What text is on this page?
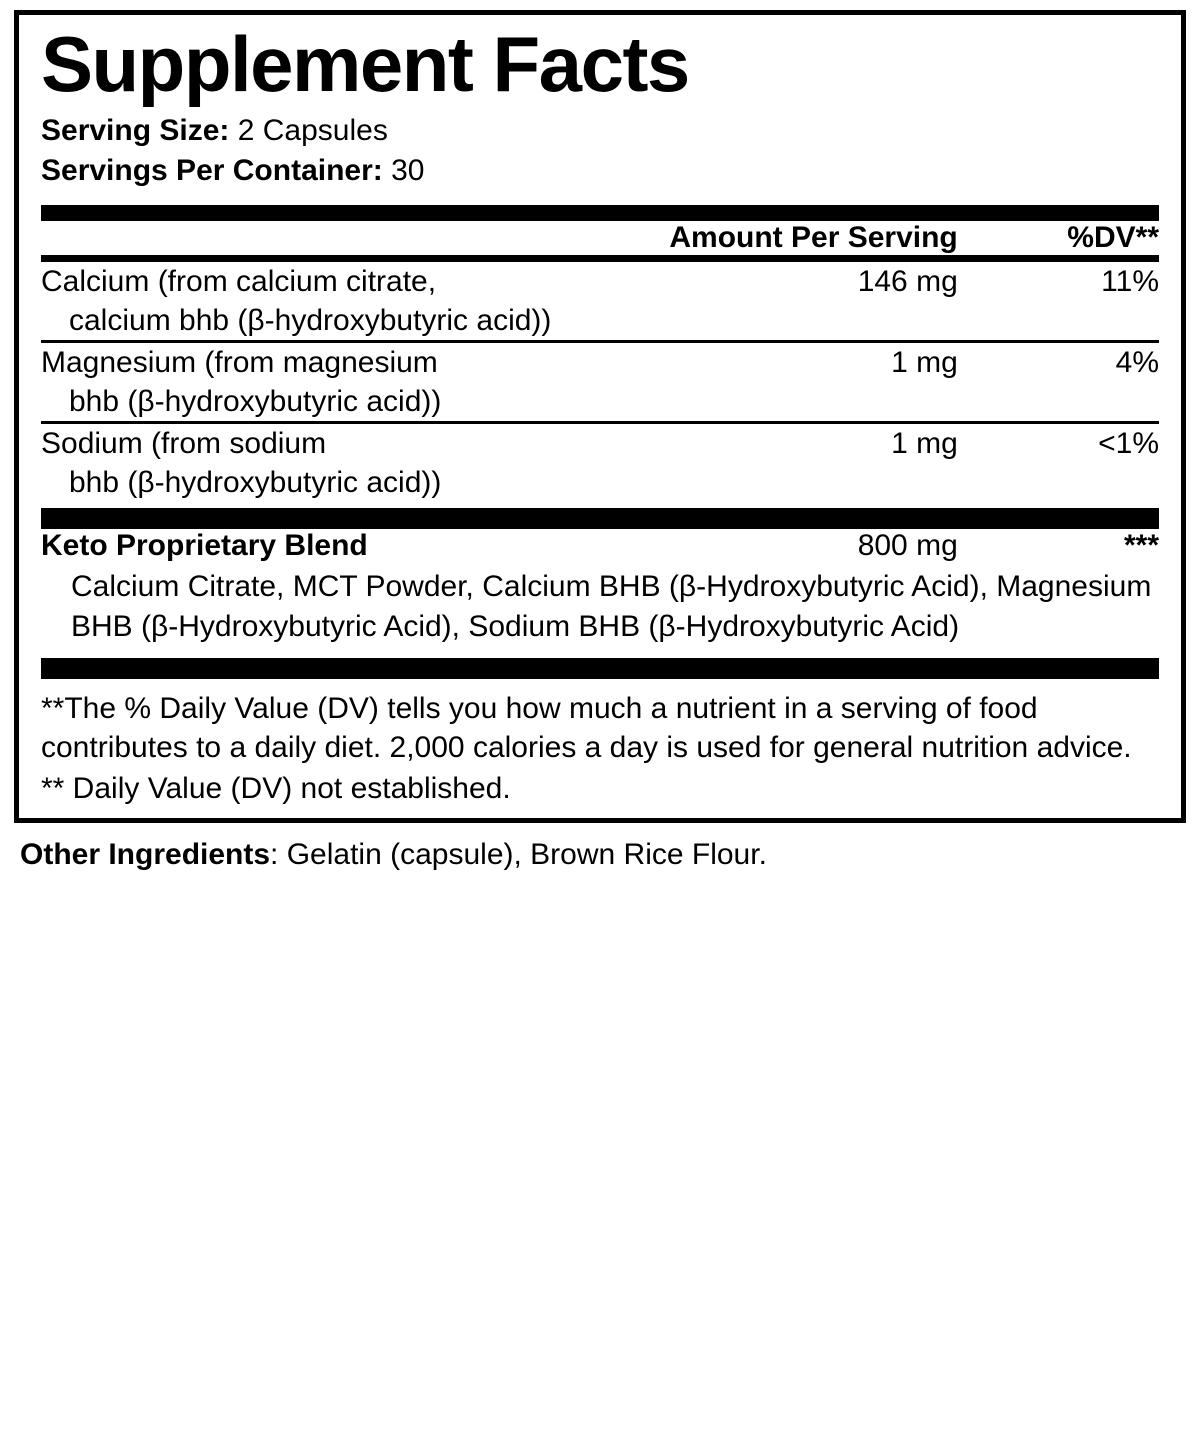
Supplement Facts
Serving Size: 2 Capsules
Servings Per Container: 30
	Amount Per Serving	%DV**
Calcium (from calcium citrate,
calcium bhb (β-hydroxybutyric acid))
	146 mg	11%
Magnesium (from magnesium
bhb (β-hydroxybutyric acid))
	1 mg	4%
Sodium (from sodium
bhb (β-hydroxybutyric acid))
	1 mg	<1%
Keto Proprietary Blend	800 mg	***
Calcium Citrate, MCT Powder, Calcium BHB (β-Hydroxybutyric Acid), Magnesium BHB (β-Hydroxybutyric Acid), Sodium BHB (β-Hydroxybutyric Acid)

**The % Daily Value (DV) tells you how much a nutrient in a serving of food contributes to a daily diet. 2,000 calories a day is used for general nutrition advice.

** Daily Value (DV) not established.

Other Ingredients: Gelatin (capsule), Brown Rice Flour.
